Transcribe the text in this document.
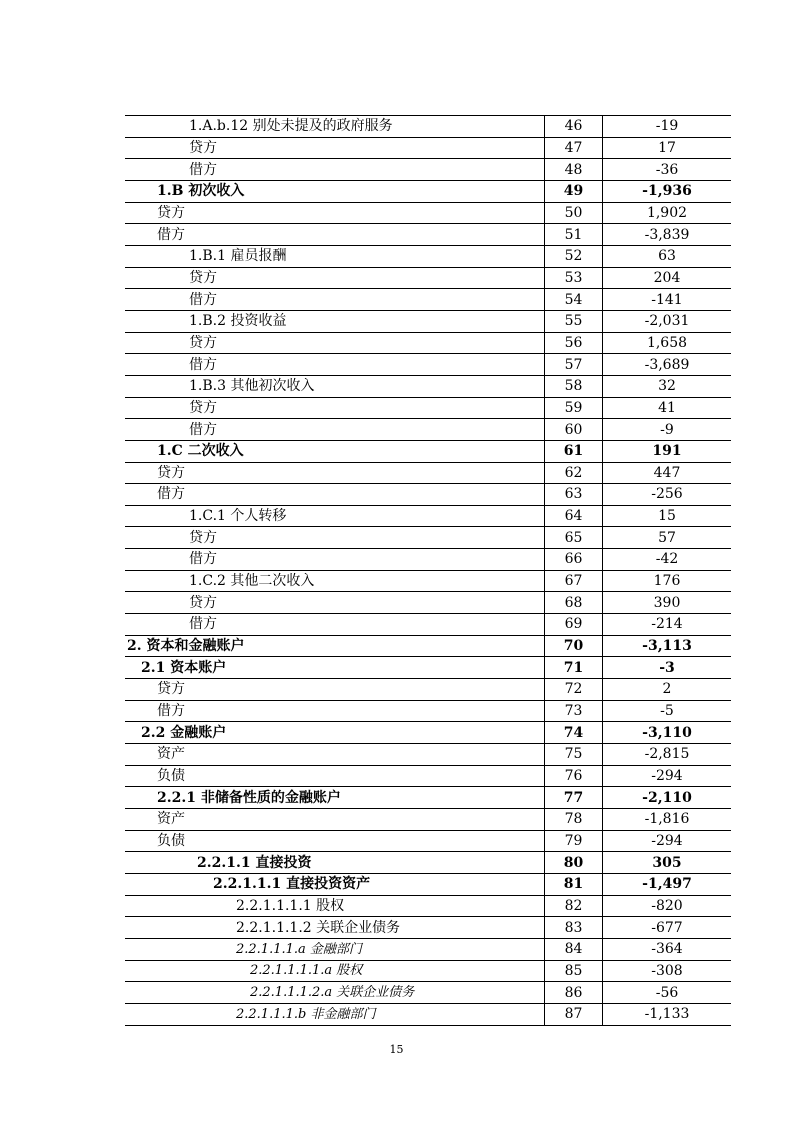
1.A.b.12 别处未提及的政府服务	46	-19
贷方	47	17
借方	48	-36
1.B 初次收入	49	-1,936
贷方	50	1,902
借方	51	-3,839
1.B.1 雇员报酬	52	63
贷方	53	204
借方	54	-141
1.B.2 投资收益	55	-2,031
贷方	56	1,658
借方	57	-3,689
1.B.3 其他初次收入	58	32
贷方	59	41
借方	60	-9
1.C 二次收入	61	191
贷方	62	447
借方	63	-256
1.C.1 个人转移	64	15
贷方	65	57
借方	66	-42
1.C.2 其他二次收入	67	176
贷方	68	390
借方	69	-214
2. 资本和金融账户	70	-3,113
2.1 资本账户	71	-3
贷方	72	2
借方	73	-5
2.2 金融账户	74	-3,110
资产	75	-2,815
负债	76	-294
2.2.1 非储备性质的金融账户	77	-2,110
资产	78	-1,816
负债	79	-294
2.2.1.1 直接投资	80	305
2.2.1.1.1 直接投资资产	81	-1,497
2.2.1.1.1.1 股权	82	-820
2.2.1.1.1.2 关联企业债务	83	-677
2.2.1.1.1.a 金融部门	84	-364
2.2.1.1.1.1.a 股权	85	-308
2.2.1.1.1.2.a 关联企业债务	86	-56
2.2.1.1.1.b 非金融部门	87	-1,133
15
